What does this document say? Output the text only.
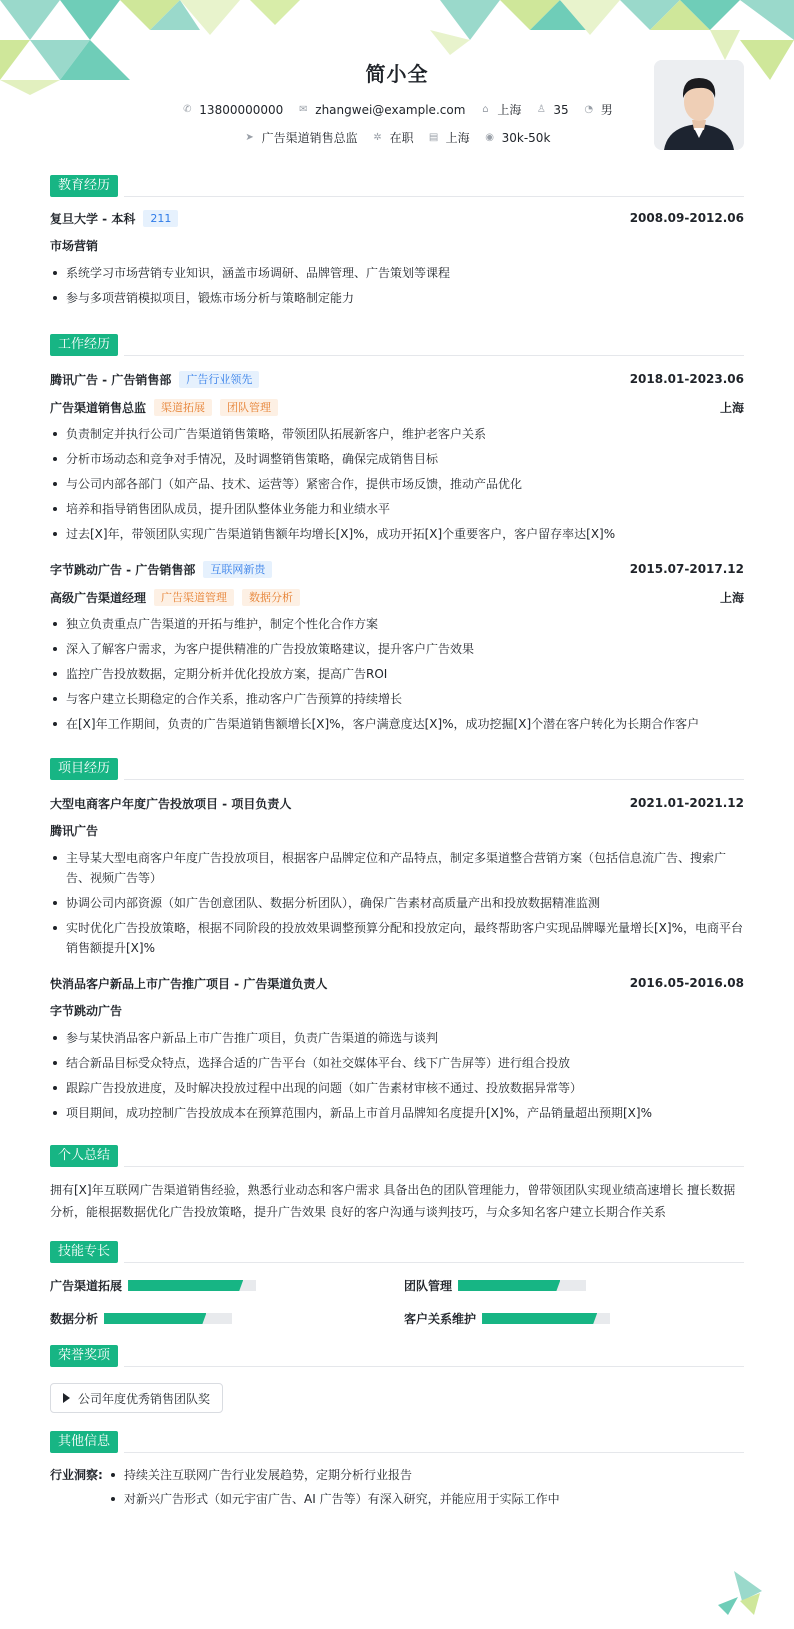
简小全
✆ 13800000000 ✉ zhangwei@example.com ⌂ 上海 ♙ 35 ◔ 男
➤ 广告渠道销售总监 ✲ 在职 ▤ 上海 ◉ 30k-50k
教育经历
复旦大学 - 本科	211	2008.09-2012.06
市场营销
系统学习市场营销专业知识，涵盖市场调研、品牌管理、广告策划等课程
参与多项营销模拟项目，锻炼市场分析与策略制定能力
工作经历
腾讯广告 - 广告销售部	广告行业领先	2018.01-2023.06
广告渠道销售总监	渠道拓展	团队管理	上海
负责制定并执行公司广告渠道销售策略，带领团队拓展新客户，维护老客户关系
分析市场动态和竞争对手情况，及时调整销售策略，确保完成销售目标
与公司内部各部门（如产品、技术、运营等）紧密合作，提供市场反馈，推动产品优化
培养和指导销售团队成员，提升团队整体业务能力和业绩水平
过去[X]年，带领团队实现广告渠道销售额年均增长[X]%，成功开拓[X]个重要客户，客户留存率达[X]%
字节跳动广告 - 广告销售部	互联网新贵	2015.07-2017.12
高级广告渠道经理	广告渠道管理	数据分析	上海
独立负责重点广告渠道的开拓与维护，制定个性化合作方案
深入了解客户需求，为客户提供精准的广告投放策略建议，提升客户广告效果
监控广告投放数据，定期分析并优化投放方案，提高广告ROI
与客户建立长期稳定的合作关系，推动客户广告预算的持续增长
在[X]年工作期间，负责的广告渠道销售额增长[X]%，客户满意度达[X]%，成功挖掘[X]个潜在客户转化为长期合作客户
项目经历
大型电商客户年度广告投放项目 - 项目负责人	2021.01-2021.12
腾讯广告
主导某大型电商客户年度广告投放项目，根据客户品牌定位和产品特点，制定多渠道整合营销方案（包括信息流广告、搜索广告、视频广告等）
协调公司内部资源（如广告创意团队、数据分析团队），确保广告素材高质量产出和投放数据精准监测
实时优化广告投放策略，根据不同阶段的投放效果调整预算分配和投放定向，最终帮助客户实现品牌曝光量增长[X]%，电商平台销售额提升[X]%
快消品客户新品上市广告推广项目 - 广告渠道负责人	2016.05-2016.08
字节跳动广告
参与某快消品客户新品上市广告推广项目，负责广告渠道的筛选与谈判
结合新品目标受众特点，选择合适的广告平台（如社交媒体平台、线下广告屏等）进行组合投放
跟踪广告投放进度，及时解决投放过程中出现的问题（如广告素材审核不通过、投放数据异常等）
项目期间，成功控制广告投放成本在预算范围内，新品上市首月品牌知名度提升[X]%，产品销量超出预期[X]%
个人总结
拥有[X]年互联网广告渠道销售经验，熟悉行业动态和客户需求 具备出色的团队管理能力，曾带领团队实现业绩高速增长 擅长数据分析，能根据数据优化广告投放策略，提升广告效果 良好的客户沟通与谈判技巧，与众多知名客户建立长期合作关系
技能专长
广告渠道拓展	团队管理
数据分析	客户关系维护
荣誉奖项
公司年度优秀销售团队奖
其他信息
行业洞察:	持续关注互联网广告行业发展趋势，定期分析行业报告
对新兴广告形式（如元宇宙广告、AI 广告等）有深入研究，并能应用于实际工作中
